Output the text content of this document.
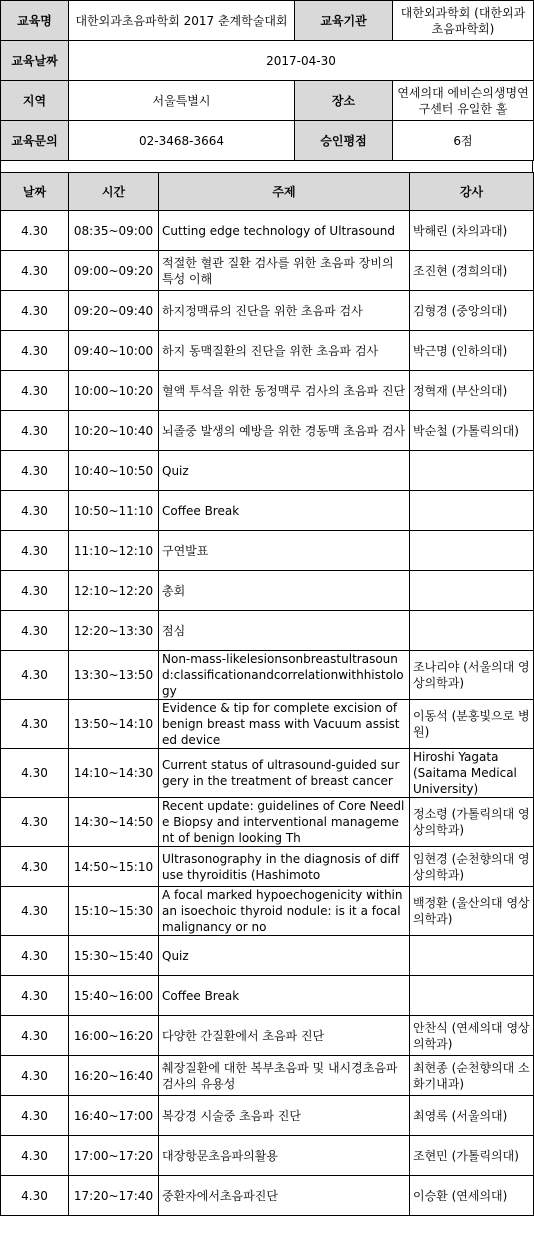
교육명	대한외과초음파학회 2017 춘계학술대회	교육기관	대한외과학회 (대한외과초음파학회)
교육날짜	2017-04-30		
지역	서울특별시	장소	연세의대 에비슨의생명연구센터 유일한 홀
교육문의	02-3468-3664	승인평점	6점
날짜	시간	주제	강사
4.30	08:35~09:00	Cutting edge technology of Ultrasound	박해린 (차의과대)
4.30	09:00~09:20	적절한 혈관 질환 검사를 위한 초음파 장비의 특성 이해	조진현 (경희의대)
4.30	09:20~09:40	하지정맥류의 진단을 위한 초음파 검사	김형경 (중앙의대)
4.30	09:40~10:00	하지 동맥질환의 진단을 위한 초음파 검사	박근명 (인하의대)
4.30	10:00~10:20	혈액 투석을 위한 동정맥루 검사의 초음파 진단	정혁재 (부산의대)
4.30	10:20~10:40	뇌졸중 발생의 예방을 위한 경동맥 초음파 검사	박순철 (가톨릭의대)
4.30	10:40~10:50	Quiz	
4.30	10:50~11:10	Coffee Break	
4.30	11:10~12:10	구연발표	
4.30	12:10~12:20	총회	
4.30	12:20~13:30	점심	
4.30	13:30~13:50	Non-mass-likelesionsonbreastultrasound:classificationandcorrelationwithhistology	조나리야 (서울의대 영상의학과)
4.30	13:50~14:10	Evidence & tip for complete excision of benign breast mass with Vacuum assisted device	이동석 (분홍빛으로 병원)
4.30	14:10~14:30	Current status of ultrasound-guided surgery in the treatment of breast cancer	Hiroshi Yagata (Saitama Medical University)
4.30	14:30~14:50	Recent update: guidelines of Core Needle Biopsy and interventional management of benign looking Th	정소령 (가톨릭의대 영상의학과)
4.30	14:50~15:10	Ultrasonography in the diagnosis of diffuse thyroiditis (Hashimoto	임현경 (순천향의대 영상의학과)
4.30	15:10~15:30	A focal marked hypoechogenicity within an isoechoic thyroid nodule: is it a focal malignancy or no	백정환 (울산의대 영상의학과)
4.30	15:30~15:40	Quiz	
4.30	15:40~16:00	Coffee Break	
4.30	16:00~16:20	다양한 간질환에서 초음파 진단	안찬식 (연세의대 영상의학과)
4.30	16:20~16:40	췌장질환에 대한 복부초음파 및 내시경초음파검사의 유용성	최현종 (순천향의대 소화기내과)
4.30	16:40~17:00	복강경 시술중 초음파 진단	최영록 (서울의대)
4.30	17:00~17:20	대장항문초음파의활용	조현민 (가톨릭의대)
4.30	17:20~17:40	중환자에서초음파진단	이승환 (연세의대)
